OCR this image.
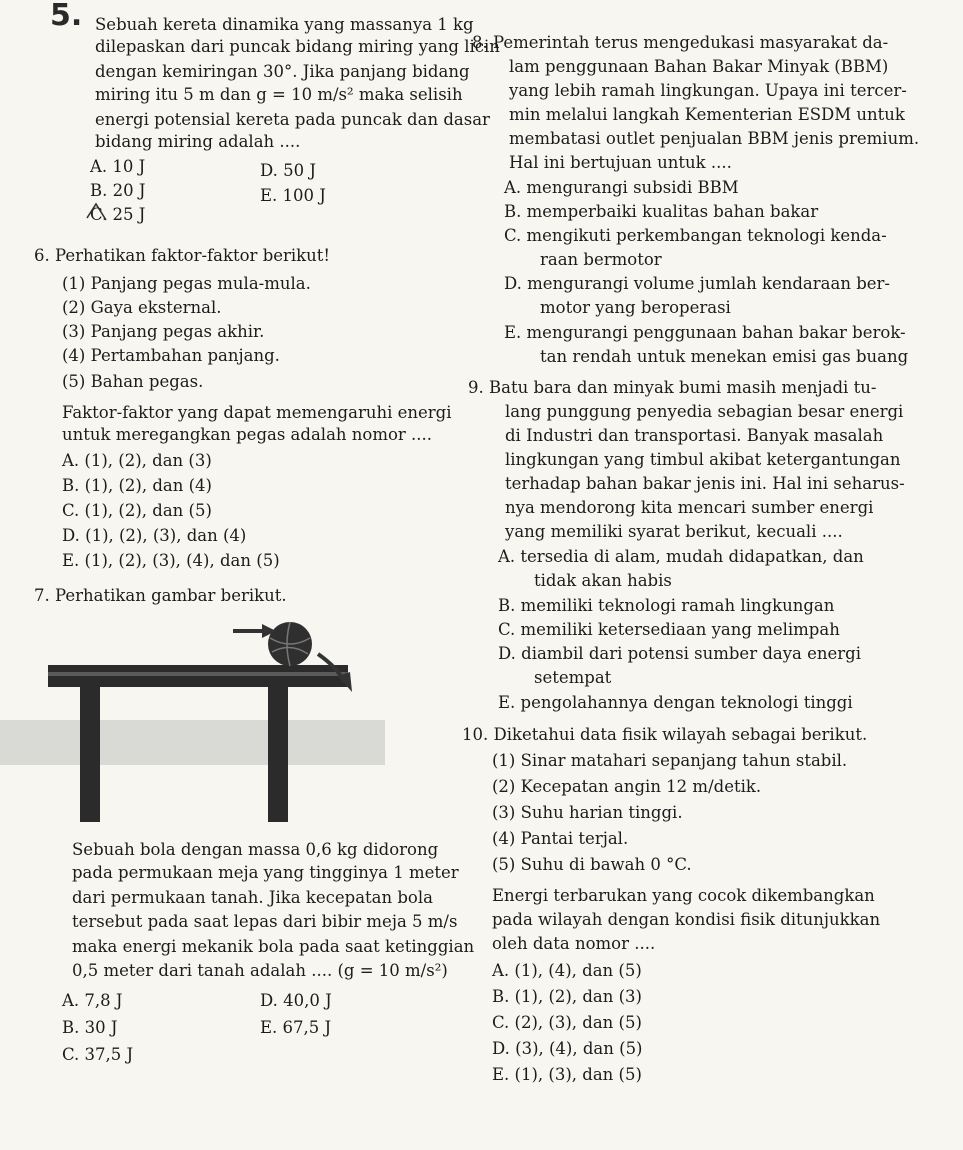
5. Sebuah kereta dinamika yang massanya 1 kg
dilepaskan dari puncak bidang miring yang licin
dengan kemiringan 30°. Jika panjang bidang
miring itu 5 m dan g = 10 m/s² maka selisih
energi potensial kereta pada puncak dan dasar
bidang miring adalah ....
A. 10 J	D. 50 J
B. 20 J	E. 100 J
C. 25 J
6. Perhatikan faktor-faktor berikut!
(1) Panjang pegas mula-mula.
(2) Gaya eksternal.
(3) Panjang pegas akhir.
(4) Pertambahan panjang.
(5) Bahan pegas.
Faktor-faktor yang dapat memengaruhi energi
untuk meregangkan pegas adalah nomor ....
A. (1), (2), dan (3)
B. (1), (2), dan (4)
C. (1), (2), dan (5)
D. (1), (2), (3), dan (4)
E. (1), (2), (3), (4), dan (5)
7. Perhatikan gambar berikut.
Sebuah bola dengan massa 0,6 kg didorong
pada permukaan meja yang tingginya 1 meter
dari permukaan tanah. Jika kecepatan bola
tersebut pada saat lepas dari bibir meja 5 m/s
maka energi mekanik bola pada saat ketinggian
0,5 meter dari tanah adalah .... (g = 10 m/s²)
A. 7,8 J	D. 40,0 J
B. 30 J	E. 67,5 J
C. 37,5 J
8. Pemerintah terus mengedukasi masyarakat da-
lam penggunaan Bahan Bakar Minyak (BBM)
yang lebih ramah lingkungan. Upaya ini tercer-
min melalui langkah Kementerian ESDM untuk
membatasi outlet penjualan BBM jenis premium.
Hal ini bertujuan untuk ....
A. mengurangi subsidi BBM
B. memperbaiki kualitas bahan bakar
C. mengikuti perkembangan teknologi kenda-
raan bermotor
D. mengurangi volume jumlah kendaraan ber-
motor yang beroperasi
E. mengurangi penggunaan bahan bakar berok-
tan rendah untuk menekan emisi gas buang
9. Batu bara dan minyak bumi masih menjadi tu-
lang punggung penyedia sebagian besar energi
di Industri dan transportasi. Banyak masalah
lingkungan yang timbul akibat ketergantungan
terhadap bahan bakar jenis ini. Hal ini seharus-
nya mendorong kita mencari sumber energi
yang memiliki syarat berikut, kecuali ....
A. tersedia di alam, mudah didapatkan, dan
tidak akan habis
B. memiliki teknologi ramah lingkungan
C. memiliki ketersediaan yang melimpah
D. diambil dari potensi sumber daya energi
setempat
E. pengolahannya dengan teknologi tinggi
10. Diketahui data fisik wilayah sebagai berikut.
(1) Sinar matahari sepanjang tahun stabil.
(2) Kecepatan angin 12 m/detik.
(3) Suhu harian tinggi.
(4) Pantai terjal.
(5) Suhu di bawah 0 °C.
Energi terbarukan yang cocok dikembangkan
pada wilayah dengan kondisi fisik ditunjukkan
oleh data nomor ....
A. (1), (4), dan (5)
B. (1), (2), dan (3)
C. (2), (3), dan (5)
D. (3), (4), dan (5)
E. (1), (3), dan (5)
